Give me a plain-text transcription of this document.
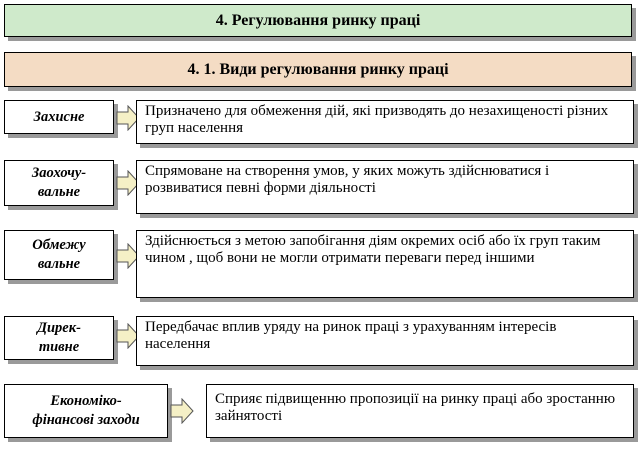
4. Регулювання ринку праці
4. 1. Види регулювання ринку праці
Захисне	Призначено для обмеження дій, які призводять до незахищеності різних груп населення
Заохочу-вальне
Спрямоване на створення умов, у яких можуть здійснюватися і розвиватися певні форми діяльності
Обмежу вальне
Здійснюється з метою запобігання діям окремих осіб або їх груп таким чином , щоб вони не могли отримати переваги перед іншими
Дирек-тивне
Передбачає вплив уряду на ринок праці з урахуванням інтересів населення
Економіко-фінансові заходи
Сприяє підвищенню пропозиції на ринку праці або зростанню зайнятості
